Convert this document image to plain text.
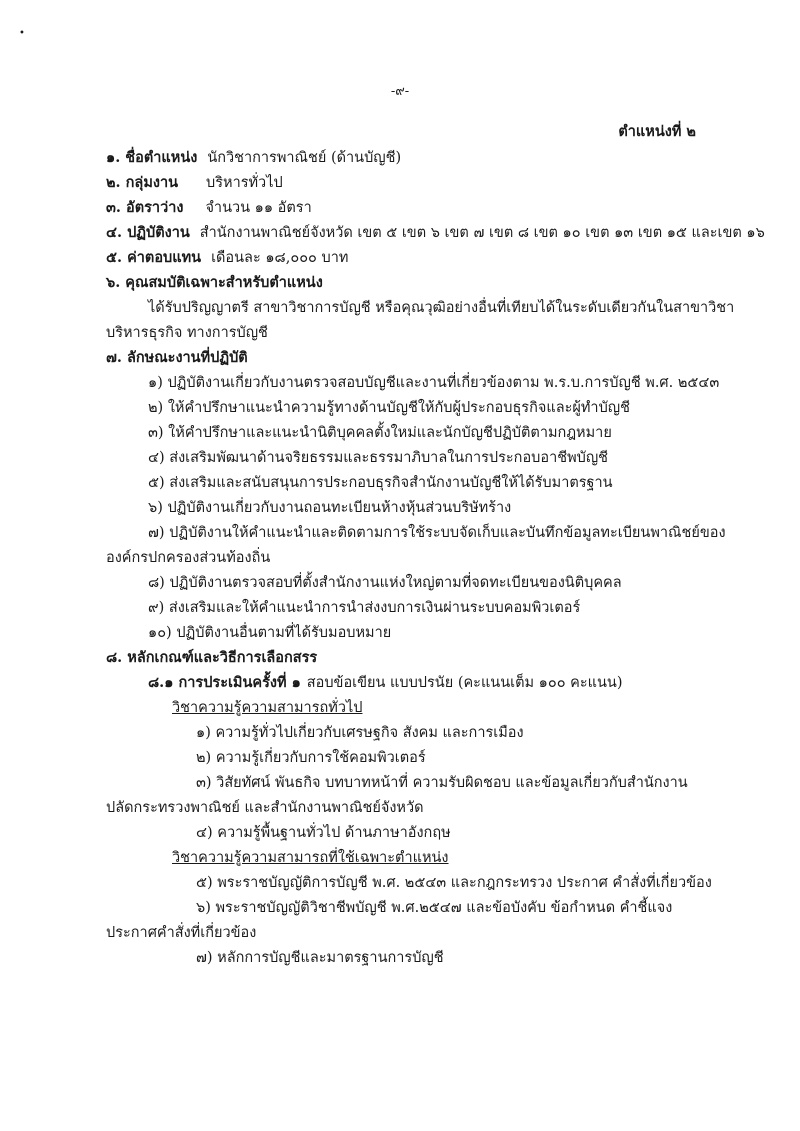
•
-๙-
ตำแหน่งที่ ๒
๑. ชื่อตำแหน่ง นักวิชาการพาณิชย์ (ด้านบัญชี)
๒. กลุ่มงาน บริหารทั่วไป
๓. อัตราว่าง จำนวน ๑๑ อัตรา
๔. ปฏิบัติงาน สำนักงานพาณิชย์จังหวัด เขต ๕ เขต ๖ เขต ๗ เขต ๘ เขต ๑๐ เขต ๑๓ เขต ๑๕ และเขต ๑๖
๕. ค่าตอบแทน เดือนละ ๑๘,๐๐๐ บาท
๖. คุณสมบัติเฉพาะสำหรับตำแหน่ง
ได้รับปริญญาตรี สาขาวิชาการบัญชี หรือคุณวุฒิอย่างอื่นที่เทียบได้ในระดับเดียวกันในสาขาวิชา
บริหารธุรกิจ ทางการบัญชี
๗. ลักษณะงานที่ปฏิบัติ
๑) ปฏิบัติงานเกี่ยวกับงานตรวจสอบบัญชีและงานที่เกี่ยวข้องตาม พ.ร.บ.การบัญชี พ.ศ. ๒๕๔๓
๒) ให้คำปรึกษาแนะนำความรู้ทางด้านบัญชีให้กับผู้ประกอบธุรกิจและผู้ทำบัญชี
๓) ให้คำปรึกษาและแนะนำนิติบุคคลตั้งใหม่และนักบัญชีปฏิบัติตามกฎหมาย
๔) ส่งเสริมพัฒนาด้านจริยธรรมและธรรมาภิบาลในการประกอบอาชีพบัญชี
๕) ส่งเสริมและสนับสนุนการประกอบธุรกิจสำนักงานบัญชีให้ได้รับมาตรฐาน
๖) ปฏิบัติงานเกี่ยวกับงานถอนทะเบียนห้างหุ้นส่วนบริษัทร้าง
๗) ปฏิบัติงานให้คำแนะนำและติดตามการใช้ระบบจัดเก็บและบันทึกข้อมูลทะเบียนพาณิชย์ของ
องค์กรปกครองส่วนท้องถิ่น
๘) ปฏิบัติงานตรวจสอบที่ตั้งสำนักงานแห่งใหญ่ตามที่จดทะเบียนของนิติบุคคล
๙) ส่งเสริมและให้คำแนะนำการนำส่งงบการเงินผ่านระบบคอมพิวเตอร์
๑๐) ปฏิบัติงานอื่นตามที่ได้รับมอบหมาย
๘. หลักเกณฑ์และวิธีการเลือกสรร
๘.๑ การประเมินครั้งที่ ๑ สอบข้อเขียน แบบปรนัย (คะแนนเต็ม ๑๐๐ คะแนน)
วิชาความรู้ความสามารถทั่วไป
๑) ความรู้ทั่วไปเกี่ยวกับเศรษฐกิจ สังคม และการเมือง
๒) ความรู้เกี่ยวกับการใช้คอมพิวเตอร์
๓) วิสัยทัศน์ พันธกิจ บทบาทหน้าที่ ความรับผิดชอบ และข้อมูลเกี่ยวกับสำนักงาน
ปลัดกระทรวงพาณิชย์ และสำนักงานพาณิชย์จังหวัด
๔) ความรู้พื้นฐานทั่วไป ด้านภาษาอังกฤษ
วิชาความรู้ความสามารถที่ใช้เฉพาะตำแหน่ง
๕) พระราชบัญญัติการบัญชี พ.ศ. ๒๕๔๓ และกฎกระทรวง ประกาศ คำสั่งที่เกี่ยวข้อง
๖) พระราชบัญญัติวิชาชีพบัญชี พ.ศ.๒๕๔๗ และข้อบังคับ ข้อกำหนด คำชี้แจง
ประกาศคำสั่งที่เกี่ยวข้อง
๗) หลักการบัญชีและมาตรฐานการบัญชี
